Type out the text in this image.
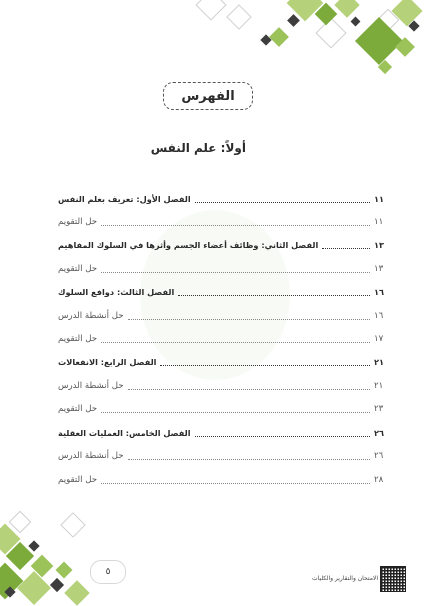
الفهرس
أولاً: علم النفس
الفصل الأول: تعريف بعلم النفس	١١
حل التقويم	١١
الفصل الثاني: وظائف أعضاء الجسم وأثرها في السلوك المفاهيم	١٣
حل التقويم	١٣
الفصل الثالث: دوافع السلوك	١٦
حل أنشطة الدرس	١٦
حل التقويم	١٧
الفصل الرابع: الانفعالات	٢١
حل أنشطة الدرس	٢١
حل التقويم	٢٣
الفصل الخامس: العمليات العقلية	٢٦
حل أنشطة الدرس	٢٦
حل التقويم	٢٨
٥
الامتحان والتقارير والكليات
